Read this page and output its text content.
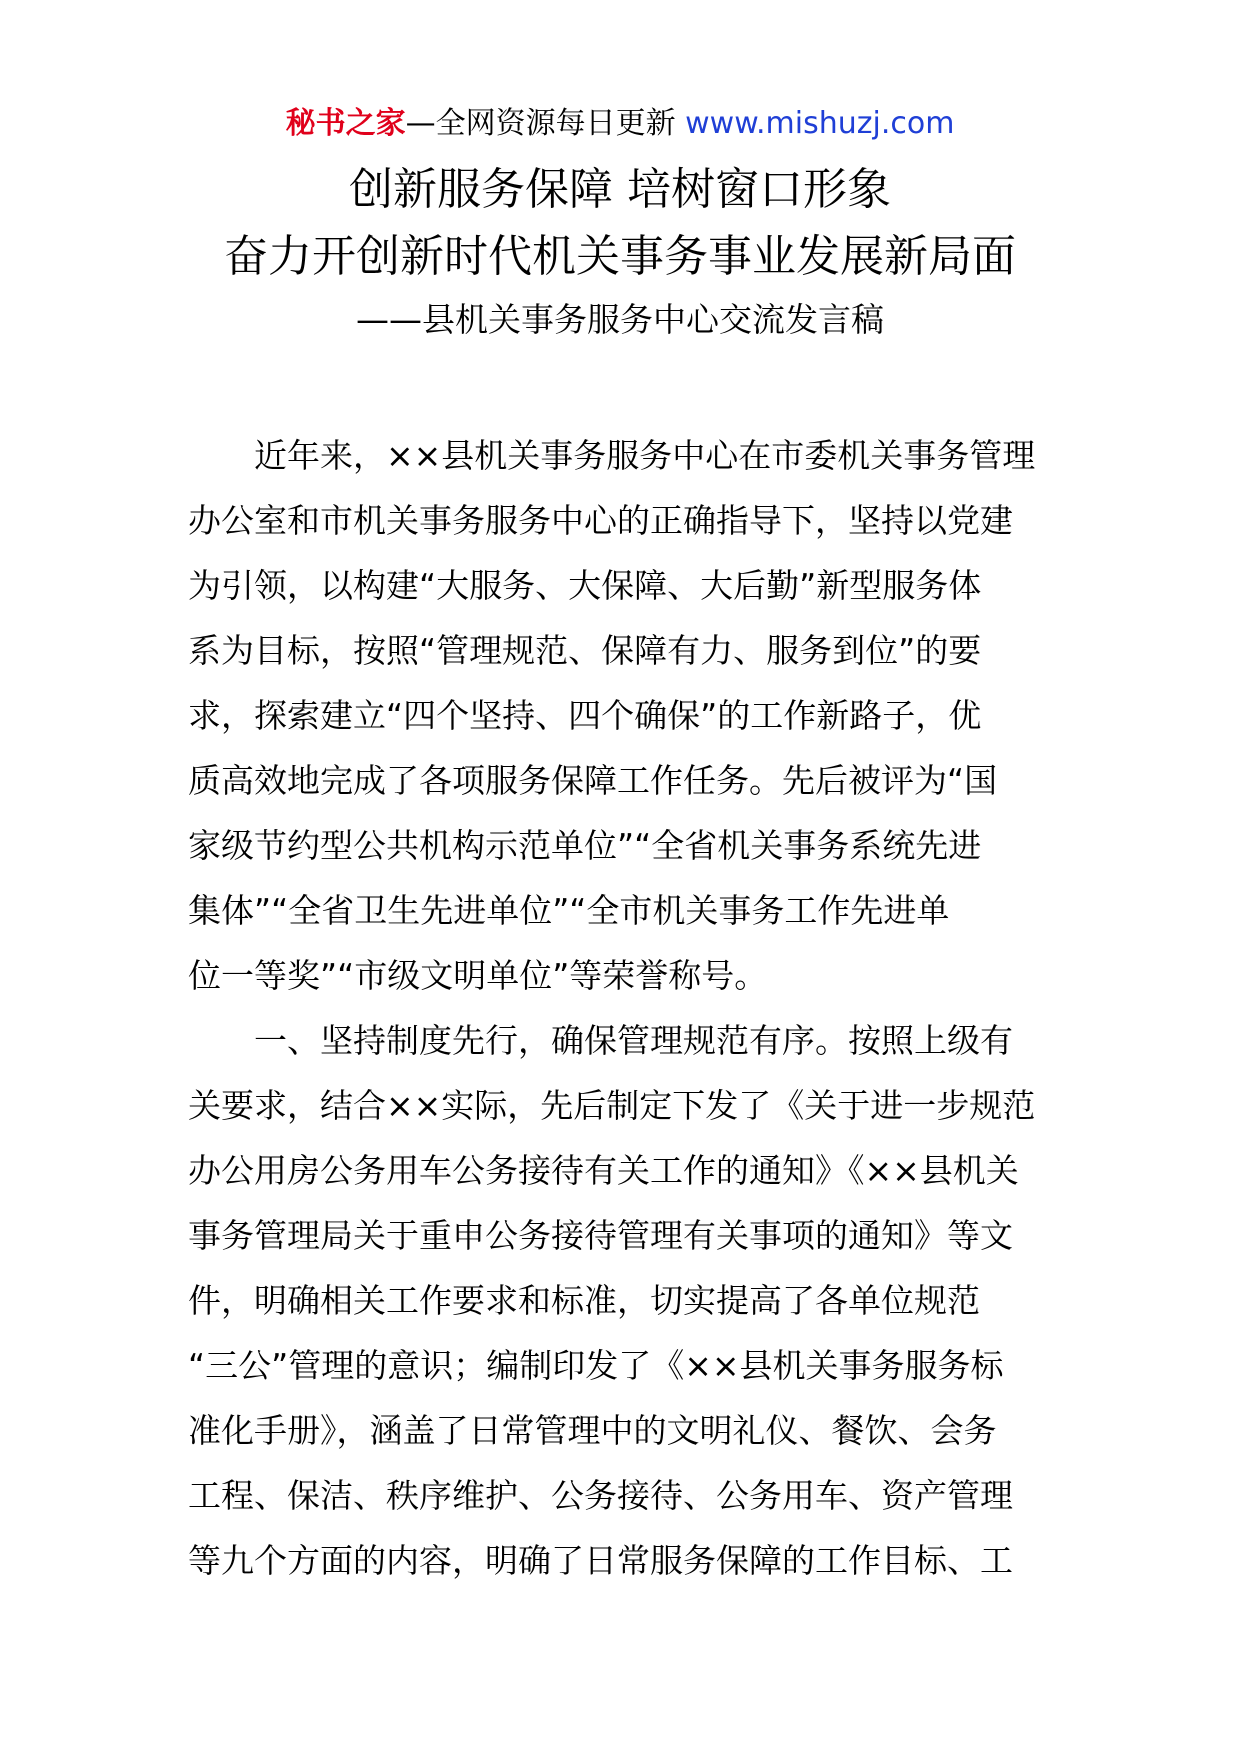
秘书之家—全网资源每日更新 www.mishuzj.com
创新服务保障 培树窗口形象
奋力开创新时代机关事务事业发展新局面
——县机关事务服务中心交流发言稿
近年来，××县机关事务服务中心在市委机关事务管理
办公室和市机关事务服务中心的正确指导下，坚持以党建
为引领，以构建“大服务、大保障、大后勤”新型服务体
系为目标，按照“管理规范、保障有力、服务到位”的要
求，探索建立“四个坚持、四个确保”的工作新路子，优
质高效地完成了各项服务保障工作任务。先后被评为“国
家级节约型公共机构示范单位”“全省机关事务系统先进
集体”“全省卫生先进单位”“全市机关事务工作先进单
位一等奖”“市级文明单位”等荣誉称号。
一、坚持制度先行，确保管理规范有序。按照上级有
关要求，结合××实际，先后制定下发了《关于进一步规范
办公用房公务用车公务接待有关工作的通知》《××县机关
事务管理局关于重申公务接待管理有关事项的通知》等文
件，明确相关工作要求和标准，切实提高了各单位规范
“三公”管理的意识；编制印发了《××县机关事务服务标
准化手册》，涵盖了日常管理中的文明礼仪、餐饮、会务
工程、保洁、秩序维护、公务接待、公务用车、资产管理
等九个方面的内容，明确了日常服务保障的工作目标、工
